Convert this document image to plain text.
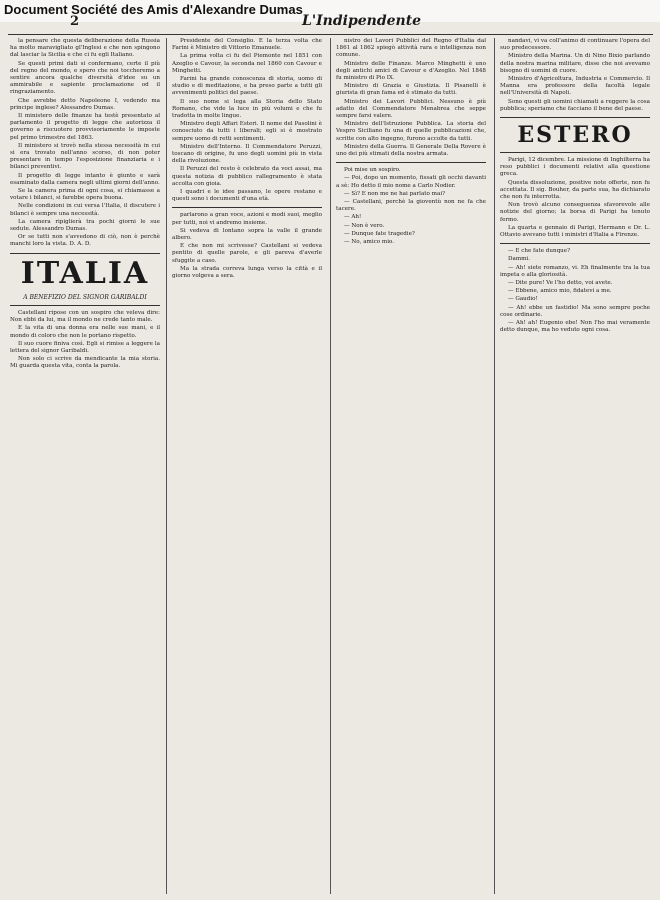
Document Société des Amis d'Alexandre Dumas
2	L'Indipendente

la pensare che questa deliberazione della Russia ha molto maravigliato gl'Inglesi e che non spingono dal lasciar la Sicilia e che ci fu egli Italiano.

Se questi primi dati si confermano, certe il più del regno del mondo, e spero che noi toccheremo a sentire ancora qualche diversità d'idee su un ammirabile e sapiente proclamazione od il ringraziamento.

Che avrebbe detto Napoleone I, vedendo ma principe inglese? Alessandro Dumas.

Il ministero delle finanze ha testè presentato al parlamento il progetto di legge che autorizza il governo a riscuotere provvisoriamente le imposte pel primo trimestre del 1863.

Il ministero si trovò nella stessa necessità in cui si era trovato nell'anno scorso, di non poter presentare in tempo l'esposizione finanziaria e i bilanci preventivi.

Il progetto di legge intanto è giunto e sarà esaminato dalla camera negli ultimi giorni dell'anno.

Se la camera prima di ogni cosa, si chiamasse a votare i bilanci, si farebbe opera buona.

Nelle condizioni in cui versa l'Italia, il discutere i bilanci è sempre una necessità.

La camera ripiglierà tra pochi giorni le sue sedute. Alessandro Dumas.

Or se tutti non s'avvedono di ciò, non è perchè manchi loro la vista. D. A. D.

ITALIA
A BENEFIZIO DEL SIGNOR GARIBALDI

Castellani ripose con un sospiro che veleva dire: Non ebbi da lui, ma il mondo ne crede tanto male.

E la vita di una donna era nelle sue mani, e il mondo di coloro che non le portano rispetto.

Il suo cuore finiva così. Egli si rimise a leggere la lettera del signor Garibaldi.

Non solo ci scrive da mendicante la mia storia. Mi guarda questa vita, conta la parola.

Presidente del Consiglio. È la terza volta che Farini è Ministro di Vittorio Emanuele.

La prima volta ci fu del Piemonte nel 1851 con Azeglio e Cavour, la seconda nel 1860 con Cavour e Minghetti.

Farini ha grande conoscenza di storia, uomo di studio e di meditazione, e ha preso parte a tutti gli avvenimenti politici del paese.

Il suo nome si lega alla Storia dello Stato Romano, che vide la luce in più volumi e che fu tradotta in molte lingue.

Ministro degli Affari Esteri. Il nome del Pasolini è conosciuto da tutti i liberali; egli si è mostrato sempre uomo di retti sentimenti.

Ministro dell'Interno. Il Commendatore Peruzzi, toscano di origine, fu uno degli uomini più in vista della rivoluzione.

Il Peruzzi del resto è celebrato da voci assai, ma questa notizia di pubblico rallegramento è stata accolta con gioia.

I quadri e le idee passano, le opere restano e questi sono i documenti d'una età.

parlarono a gran voce, azioni e modi suoi, meglio per tutti, noi vi andremo insieme.

Si vedeva di lontano sopra la valle il grande albero.

E che non mi scrivesse? Castellani si vedeva pentito di quelle parole, e gli pareva d'averle sfuggite a caso.

Ma la strada correva lunga verso la città e il giorno volgeva a sera.

nistro dei Lavori Pubblici del Regno d'Italia dal 1861 al 1862 spiegò attività rara e intelligenza non comune.

Ministro delle Finanze. Marco Minghetti è uno degli antichi amici di Cavour e d'Azeglio. Nel 1848 fu ministro di Pio IX.

Ministro di Grazia e Giustizia. Il Pisanelli è giurista di gran fama ed è stimato da tutti.

Ministro dei Lavori Pubblici. Nessuno è più adatto del Commendatore Menabrea che seppe sempre farsi valere.

Ministro dell'Istruzione Pubblica. La storia del Vespro Siciliano fu una di quelle pubblicazioni che, scritte con alto ingegno, furono accolte da tutti.

Ministro della Guerra. Il Generale Della Rovere è uno dei più stimati della nostra armata.

Poi mise un sospiro.

— Poi, dopo un momento, fissati gli occhi davanti a sè: Ho detto il mio nome a Carlo Nodier.

— Sì? E non me ne hai parlato mai?

— Castellani, perchè la gioventù non ne fa che tacere.

— Ah!

— Non è vero.

— Dunque fate tragedie?

— No, amico mio.

nandavi, vi va coll'animo di continuare l'opera del suo predecessore.

Ministro della Marina. Un di Nino Bixio parlando della nostra marina militare, disse che noi avevamo bisogno di uomini di cuore.

Ministro d'Agricoltura, Industria e Commercio. Il Manna era professore della facoltà legale nell'Università di Napoli.

Sono questi gli uomini chiamati a reggere la cosa pubblica; speriamo che facciano il bene del paese.

ESTERO

Parigi, 12 dicembre. La missione di Inghilterra ha reso pubblici i documenti relativi alla questione greca.

Questa dissoluzione, positive note offerte, non fu accettata. Il sig. Bouher, da parte sua, ha dichiarato che non fu interrotta.

Non trovò alcuno conseguenza sfavorevole alle notizie del giorno; la borsa di Parigi ha tenuto fermo.

La quarta e gennaio di Parigi, Hermann e Dr. L. Ottavio avevano tutti i ministri d'Italia a Firenze.

— E che fate dunque?

Dammi.

— Ah! siete romanzo, vi. Eh finalmente tra la tua impeta o alla gloriosità.

— Dite pure! Ve l'ho detto, voi avete.

— Ebbene, amico mio, fidatevi a me.

— Gaudio!

— Ah! ebbe un fastidio! Ma sono sempre poche cose ordinarie.

— Ah! ah! Eugenio ebe! Non l'ho mai veramente detto dunque, ma ho veduto ogni cosa.
